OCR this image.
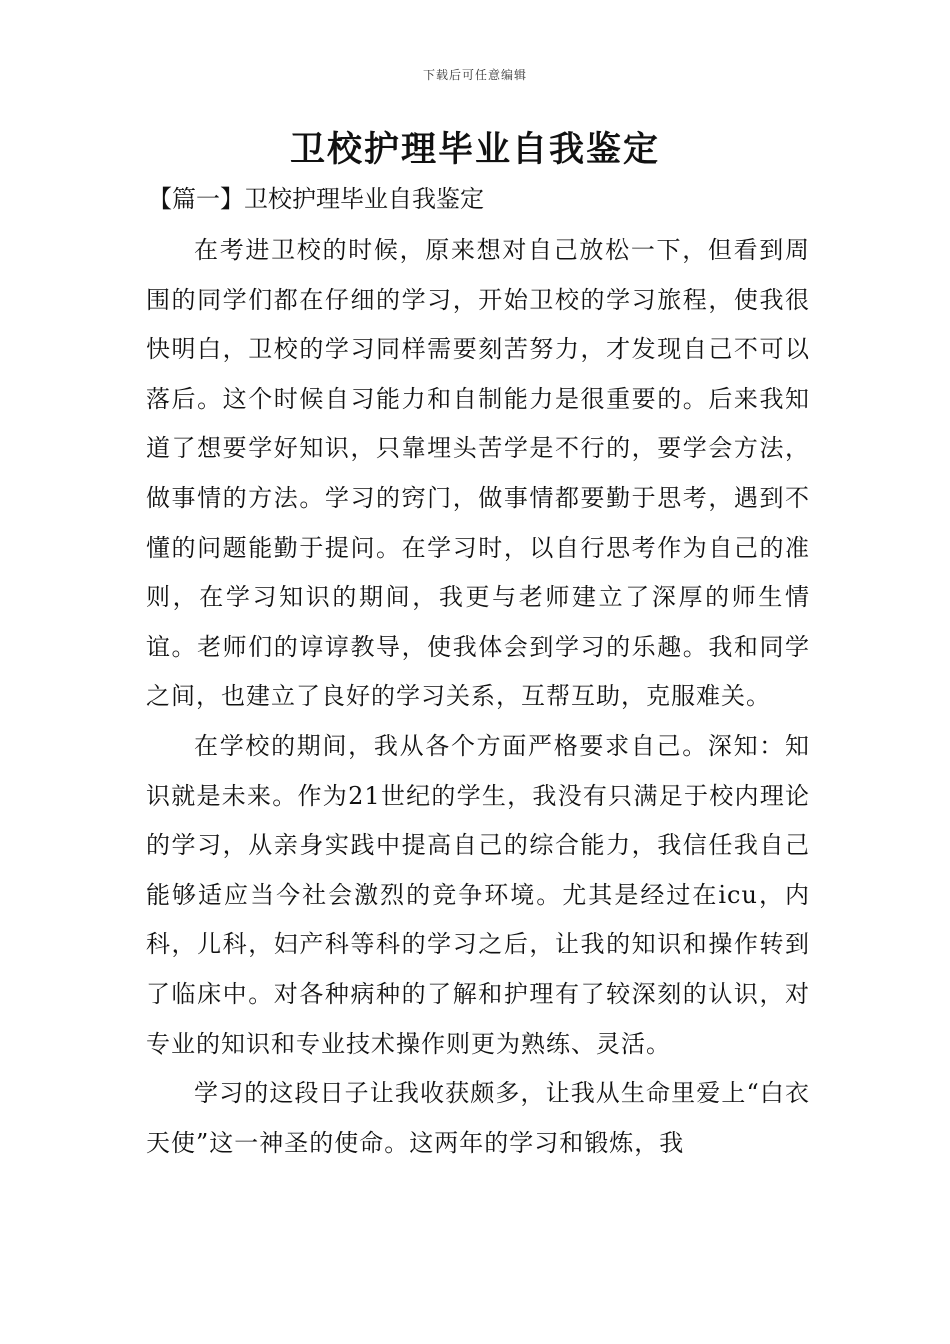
下载后可任意编辑
卫校护理毕业自我鉴定
【篇一】卫校护理毕业自我鉴定

在考进卫校的时候，原来想对自己放松一下，但看到周围的同学们都在仔细的学习，开始卫校的学习旅程，使我很快明白，卫校的学习同样需要刻苦努力，才发现自己不可以落后。这个时候自习能力和自制能力是很重要的。后来我知道了想要学好知识，只靠埋头苦学是不行的，要学会方法，做事情的方法。学习的窍门，做事情都要勤于思考，遇到不懂的问题能勤于提问。在学习时，以自行思考作为自己的准则，在学习知识的期间，我更与老师建立了深厚的师生情谊。老师们的谆谆教导，使我体会到学习的乐趣。我和同学之间，也建立了良好的学习关系，互帮互助，克服难关。

在学校的期间，我从各个方面严格要求自己。深知：知识就是未来。作为21世纪的学生，我没有只满足于校内理论的学习，从亲身实践中提高自己的综合能力，我信任我自己能够适应当今社会激烈的竞争环境。尤其是经过在icu，内科，儿科，妇产科等科的学习之后，让我的知识和操作转到了临床中。对各种病种的了解和护理有了较深刻的认识，对专业的知识和专业技术操作则更为熟练、灵活。

学习的这段日子让我收获颇多，让我从生命里爱上“白衣天使”这一神圣的使命。这两年的学习和锻炼，我
